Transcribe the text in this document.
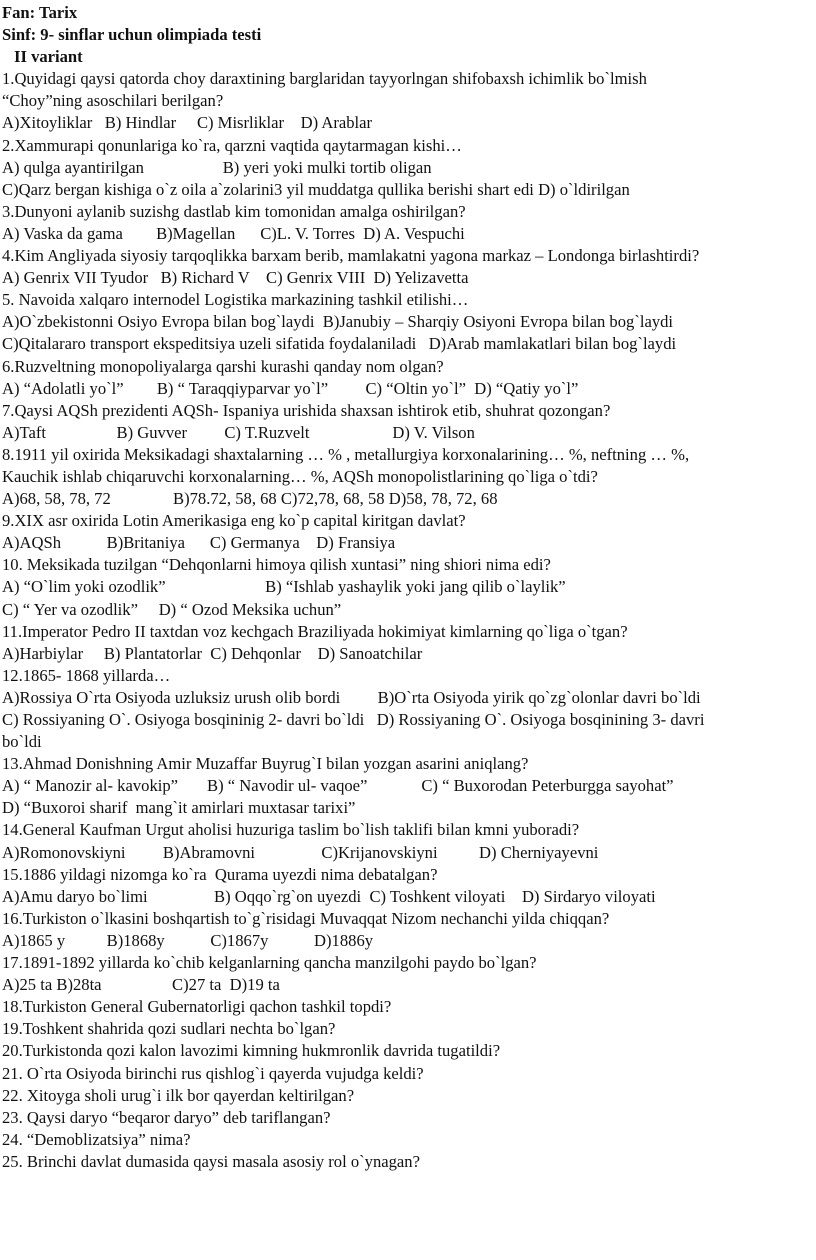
Fan: Tarix
Sinf: 9- sinflar uchun olimpiada testi
II variant
1.Quyidagi qaysi qatorda choy daraxtining barglaridan tayyorlngan shifobaxsh ichimlik bo`lmish
“Choy”ning asoschilari berilgan?
A)Xitoyliklar   B) Hindlar     C) Misrliklar    D) Arablar
2.Xammurapi qonunlariga ko`ra, qarzni vaqtida qaytarmagan kishi…
A) qulga ayantirilgan                   B) yeri yoki mulki tortib oligan
C)Qarz bergan kishiga o`z oila a`zolarini3 yil muddatga qullika berishi shart edi D) o`ldirilgan
3.Dunyoni aylanib suzishg dastlab kim tomonidan amalga oshirilgan?
A) Vaska da gama        B)Magellan      C)L. V. Torres  D) A. Vespuchi
4.Kim Angliyada siyosiy tarqoqlikka barxam berib, mamlakatni yagona markaz – Londonga birlashtirdi?
A) Genrix VII Tyudor   B) Richard V    C) Genrix VIII  D) Yelizavetta
5. Navoida xalqaro internodel Logistika markazining tashkil etilishi…
A)O`zbekistonni Osiyo Evropa bilan bog`laydi  B)Janubiy – Sharqiy Osiyoni Evropa bilan bog`laydi
C)Qitalararo transport ekspeditsiya uzeli sifatida foydalaniladi   D)Arab mamlakatlari bilan bog`laydi
6.Ruzveltning monopoliyalarga qarshi kurashi qanday nom olgan?
A) “Adolatli yo`l”        B) “ Taraqqiyparvar yo`l”         C) “Oltin yo`l”  D) “Qatiy yo`l”
7.Qaysi AQSh prezidenti AQSh- Ispaniya urishida shaxsan ishtirok etib, shuhrat qozongan?
A)Taft                 B) Guvver         C) T.Ruzvelt                    D) V. Vilson
8.1911 yil oxirida Meksikadagi shaxtalarning … % , metallurgiya korxonalarining… %, neftning … %,
Kauchik ishlab chiqaruvchi korxonalarning… %, AQSh monopolistlarining qo`liga o`tdi?
A)68, 58, 78, 72               B)78.72, 58, 68 C)72,78, 68, 58 D)58, 78, 72, 68
9.XIX asr oxirida Lotin Amerikasiga eng ko`p capital kiritgan davlat?
A)AQSh           B)Britaniya      C) Germanya    D) Fransiya
10. Meksikada tuzilgan “Dehqonlarni himoya qilish xuntasi” ning shiori nima edi?
A) “O`lim yoki ozodlik”                        B) “Ishlab yashaylik yoki jang qilib o`laylik”
C) “ Yer va ozodlik”     D) “ Ozod Meksika uchun”
11.Imperator Pedro II taxtdan voz kechgach Braziliyada hokimiyat kimlarning qo`liga o`tgan?
A)Harbiylar     B) Plantatorlar  C) Dehqonlar    D) Sanoatchilar
12.1865- 1868 yillarda…
A)Rossiya O`rta Osiyoda uzluksiz urush olib bordi         B)O`rta Osiyoda yirik qo`zg`olonlar davri bo`ldi
C) Rossiyaning O`. Osiyoga bosqininig 2- davri bo`ldi   D) Rossiyaning O`. Osiyoga bosqinining 3- davri
bo`ldi
13.Ahmad Donishning Amir Muzaffar Buyrug`I bilan yozgan asarini aniqlang?
A) “ Manozir al- kavokip”       B) “ Navodir ul- vaqoe”             C) “ Buxorodan Peterburgga sayohat”
D) “Buxoroi sharif  mang`it amirlari muxtasar tarixi”
14.General Kaufman Urgut aholisi huzuriga taslim bo`lish taklifi bilan kmni yuboradi?
A)Romonovskiyni         B)Abramovni                C)Krijanovskiyni          D) Cherniyayevni
15.1886 yildagi nizomga ko`ra  Qurama uyezdi nima debatalgan?
A)Amu daryo bo`limi                B) Oqqo`rg`on uyezdi  C) Toshkent viloyati    D) Sirdaryo viloyati
16.Turkiston o`lkasini boshqartish to`g`risidagi Muvaqqat Nizom nechanchi yilda chiqqan?
A)1865 y          B)1868y           C)1867y           D)1886y
17.1891-1892 yillarda ko`chib kelganlarning qancha manzilgohi paydo bo`lgan?
A)25 ta B)28ta                 C)27 ta  D)19 ta
18.Turkiston General Gubernatorligi qachon tashkil topdi?
19.Toshkent shahrida qozi sudlari nechta bo`lgan?
20.Turkistonda qozi kalon lavozimi kimning hukmronlik davrida tugatildi?
21. O`rta Osiyoda birinchi rus qishlog`i qayerda vujudga keldi?
22. Xitoyga sholi urug`i ilk bor qayerdan keltirilgan?
23. Qaysi daryo “beqaror daryo” deb tariflangan?
24. “Demoblizatsiya” nima?
25. Brinchi davlat dumasida qaysi masala asosiy rol o`ynagan?
